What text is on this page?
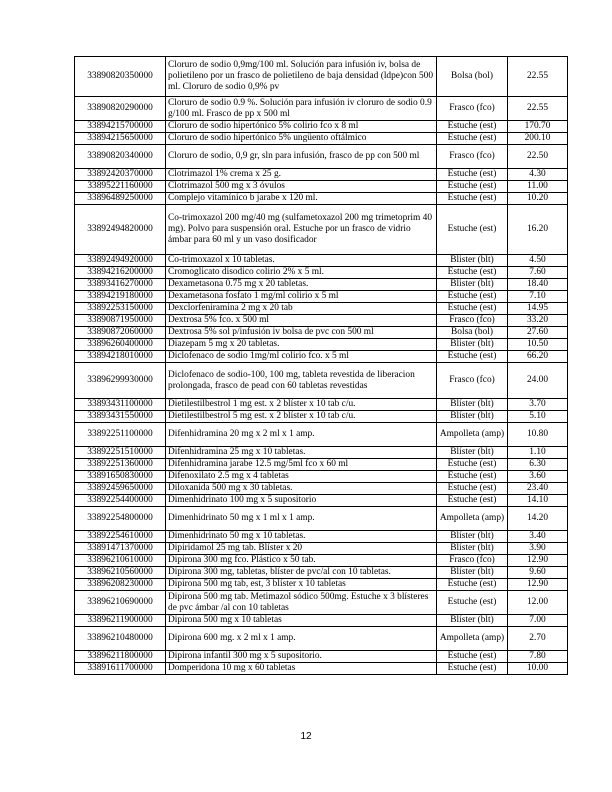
33890820350000	Cloruro de sodio 0,9mg/100 ml. Solución para infusión iv, bolsa de polietileno por un frasco de polietileno de baja densidad (ldpe)con 500 ml. Cloruro de sodio 0,9% pv	Bolsa (bol)	22.55
33890820290000	Cloruro de sodio 0.9 %. Solución para infusión iv cloruro de sodio 0.9 g/100 ml. Frasco de pp x 500 ml	Frasco (fco)	22.55
33894215700000	Cloruro de sodio hipertónico 5% colirio fco x 8 ml	Estuche (est)	170.70
33894215650000	Cloruro de sodio hipertónico 5% ungüento oftálmico	Estuche (est)	200.10
33890820340000	Cloruro de sodio, 0,9 gr, sln para infusión, frasco de pp con 500 ml	Frasco (fco)	22.50
33892420370000	Clotrimazol 1% crema x 25 g.	Estuche (est)	4.30
33895221160000	Clotrimazol 500 mg x 3 óvulos	Estuche (est)	11.00
33896489250000	Complejo vitamínico b jarabe x 120 ml.	Estuche (est)	10.20
33892494820000	Co-trimoxazol 200 mg/40 mg (sulfametoxazol 200 mg trimetoprim 40 mg). Polvo para suspensión oral. Estuche por un frasco de vidrio ámbar para 60 ml y un vaso dosificador	Estuche (est)	16.20
33892494920000	Co-trimoxazol x 10 tabletas.	Blister (blt)	4.50
33894216200000	Cromoglicato disodico colirio 2% x 5 ml.	Estuche (est)	7.60
33893416270000	Dexametasona 0.75 mg x 20 tabletas.	Blister (blt)	18.40
33894219180000	Dexametasona fosfato 1 mg/ml colirio x 5 ml	Estuche (est)	7.10
33892253150000	Dexclorfeniramina 2 mg x 20 tab	Estuche (est)	14.95
33890871950000	Dextrosa 5% fco. x 500 ml	Frasco (fco)	33.20
33890872060000	Dextrosa 5% sol p/infusión iv bolsa de pvc con 500 ml	Bolsa (bol)	27.60
33896260400000	Diazepam 5 mg x 20 tabletas.	Blister (blt)	10.50
33894218010000	Diclofenaco de sodio 1mg/ml colirio fco. x 5 ml	Estuche (est)	66.20
33896299930000	Diclofenaco de sodio-100, 100 mg, tableta revestida de liberacion prolongada, frasco de pead con 60 tabletas revestidas	Frasco (fco)	24.00
33893431100000	Dietilestilbestrol 1 mg est. x 2 blíster x 10 tab c/u.	Blíster (blt)	3.70
33893431550000	Dietilestilbestrol 5 mg est. x 2 blíster x 10 tab c/u.	Blíster (blt)	5.10
33892251100000	Difenhidramina 20 mg x 2 ml x 1 amp.	Ampolleta (amp)	10.80
33892251510000	Difenhidramina 25 mg x 10 tabletas.	Blíster (blt)	1.10
33892251360000	Difenhidramina jarabe 12.5 mg/5ml fco x 60 ml	Estuche (est)	6.30
33891650830000	Difenoxilato 2.5 mg x 4 tabletas	Estuche (est)	3.60
33892459650000	Diloxanida 500 mg x 30 tabletas.	Estuche (est)	23.40
33892254400000	Dimenhidrinato 100 mg x 5 supositorio	Estuche (est)	14.10
33892254800000	Dimenhidrinato 50 mg x 1 ml x 1 amp.	Ampolleta (amp)	14.20
33892254610000	Dimenhidrinato 50 mg x 10 tabletas.	Blíster (blt)	3.40
33891471370000	Dipiridamol 25 mg tab. Blíster x 20	Blíster (blt)	3.90
33896210610000	Dipirona 300 mg fco. Plástico x 50 tab.	Frasco (fco)	12.90
33896210560000	Dipirona 300 mg, tabletas, blíster de pvc/al con 10 tabletas.	Blíster (blt)	9.60
33896208230000	Dipirona 500 mg tab, est, 3 blíster x 10 tabletas	Estuche (est)	12.90
33896210690000	Dipirona 500 mg tab. Metimazol sódico 500mg. Estuche x 3 blísteres de pvc ámbar /al con 10 tabletas	Estuche (est)	12.00
33896211900000	Dipirona 500 mg x 10 tabletas	Blíster (blt)	7.00
33896210480000	Dipirona 600 mg. x 2 ml x 1 amp.	Ampolleta (amp)	2.70
33896211800000	Dipirona infantil 300 mg x 5 supositorio.	Estuche (est)	7.80
33891611700000	Domperidona 10 mg x 60 tabletas	Estuche (est)	10.00
12
